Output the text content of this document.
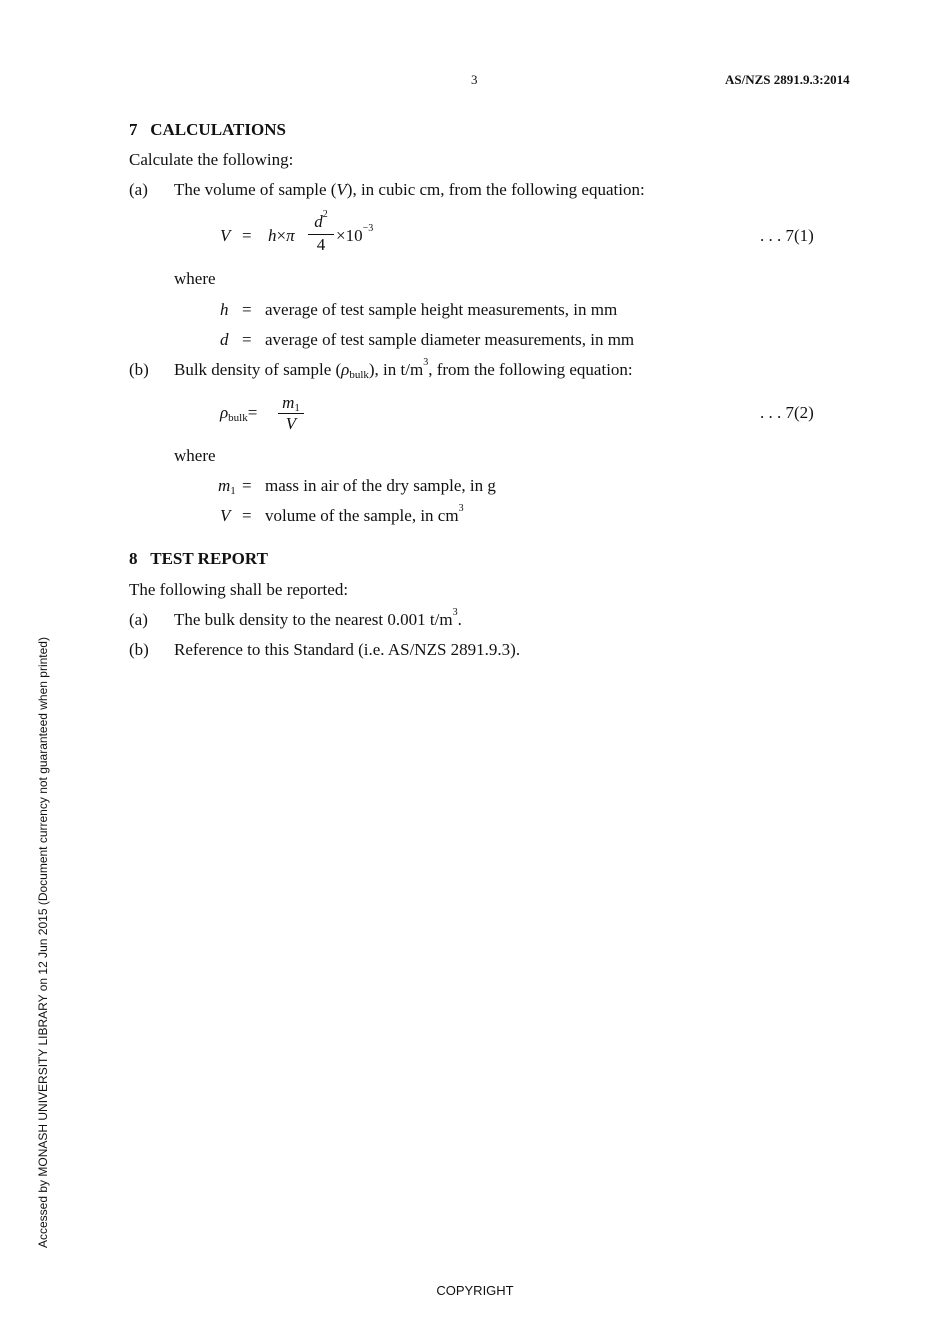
3	AS/NZS 2891.9.3:2014
7 CALCULATIONS
Calculate the following:
(a) The volume of sample (V), in cubic cm, from the following equation:
V = h×π
$d^2$
$4 \times 10^{-3}$	. . . 7(1)
where
h = average of test sample height measurements, in mm
d = average of test sample diameter measurements, in mm
(b) Bulk density of sample $(\rho_{bulk})$, in $t/m^3$, from the following equation:
$\rho_{bulk}=$
$m_1$
V
. . . 7(2)
where
$m_1$ = mass in air of the dry sample, in g
V = volume of the sample, in $cm^3$
8 TEST REPORT
The following shall be reported:
(a) The bulk density to the nearest 0.001 $t/m^3$.
(b) Reference to this Standard (i.e. AS/NZS 2891.9.3).
Accessed by MONASH UNIVERSITY LIBRARY on 12 Jun 2015 (Document currency not guaranteed when printed)
COPYRIGHT
